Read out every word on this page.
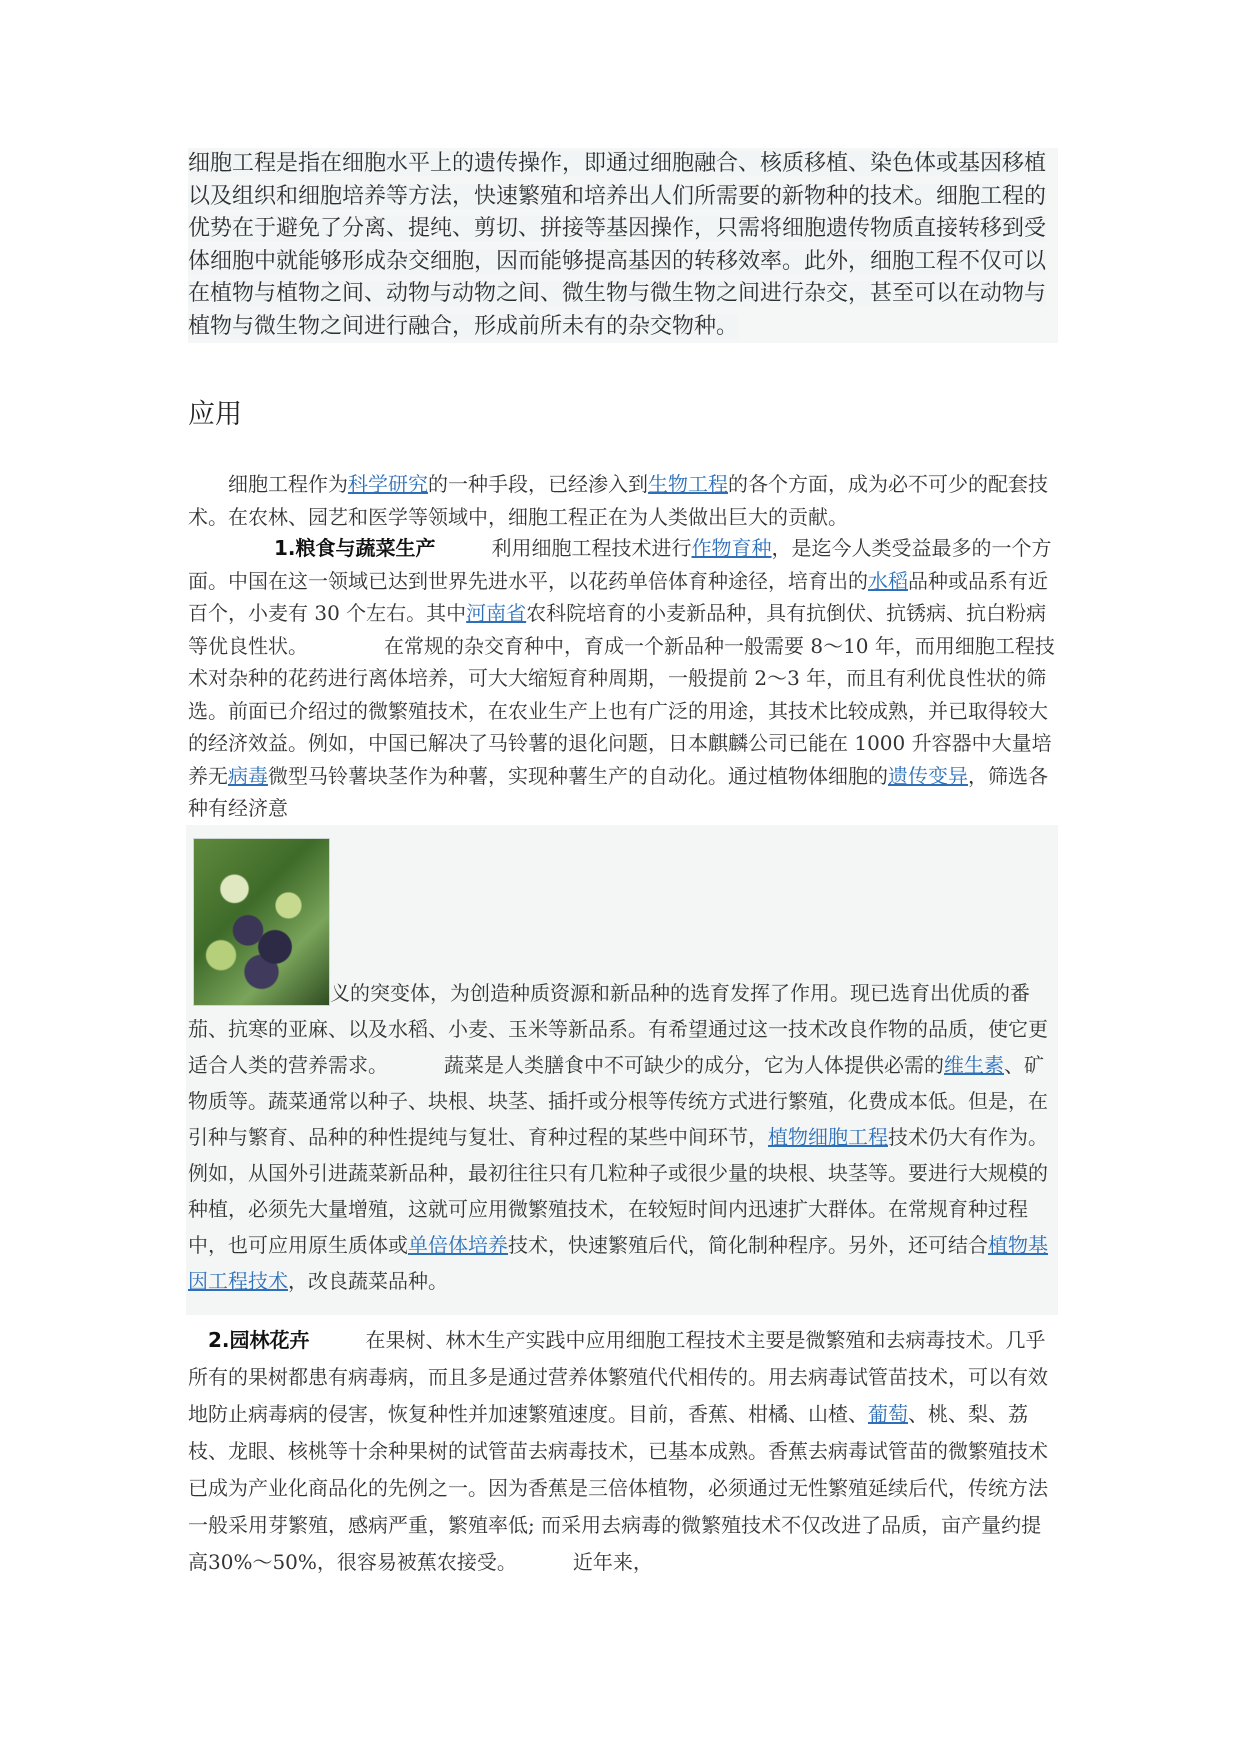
细胞工程是指在细胞水平上的遗传操作，即通过细胞融合、核质移植、染色体或基因移植以及组织和细胞培养等方法，快速繁殖和培养出人们所需要的新物种的技术。细胞工程的优势在于避免了分离、提纯、剪切、拼接等基因操作，只需将细胞遗传物质直接转移到受体细胞中就能够形成杂交细胞，因而能够提高基因的转移效率。此外，细胞工程不仅可以在植物与植物之间、动物与动物之间、微生物与微生物之间进行杂交，甚至可以在动物与植物与微生物之间进行融合，形成前所未有的杂交物种。
应用
细胞工程作为科学研究的一种手段，已经渗入到生物工程的各个方面，成为必不可少的配套技术。在农林、园艺和医学等领域中，细胞工程正在为人类做出巨大的贡献。
1.粮食与蔬菜生产	利用细胞工程技术进行作物育种，是迄今人类受益最多的一个方面。中国在这一领域已达到世界先进水平，以花药单倍体育种途径，培育出的水稻品种或品系有近百个，小麦有 30 个左右。其中河南省农科院培育的小麦新品种，具有抗倒伏、抗锈病、抗白粉病等优良性状。	在常规的杂交育种中，育成一个新品种一般需要 8～10 年，而用细胞工程技术对杂种的花药进行离体培养，可大大缩短育种周期，一般提前 2～3 年，而且有利优良性状的筛选。前面已介绍过的微繁殖技术，在农业生产上也有广泛的用途，其技术比较成熟，并已取得较大的经济效益。例如，中国已解决了马铃薯的退化问题，日本麒麟公司已能在 1000 升容器中大量培养无病毒微型马铃薯块茎作为种薯，实现种薯生产的自动化。通过植物体细胞的遗传变异，筛选各种有经济意
义的突变体，为创造种质资源和新品种的选育发挥了作用。现已选育出优质的番茄、抗寒的亚麻、以及水稻、小麦、玉米等新品系。有希望通过这一技术改良作物的品质，使它更适合人类的营养需求。	蔬菜是人类膳食中不可缺少的成分，它为人体提供必需的维生素、矿物质等。蔬菜通常以种子、块根、块茎、插扦或分根等传统方式进行繁殖，化费成本低。但是，在引种与繁育、品种的种性提纯与复壮、育种过程的某些中间环节，植物细胞工程技术仍大有作为。例如，从国外引进蔬菜新品种，最初往往只有几粒种子或很少量的块根、块茎等。要进行大规模的种植，必须先大量增殖，这就可应用微繁殖技术，在较短时间内迅速扩大群体。在常规育种过程中，也可应用原生质体或单倍体培养技术，快速繁殖后代，简化制种程序。另外，还可结合植物基因工程技术，改良蔬菜品种。
2.园林花卉	在果树、林木生产实践中应用细胞工程技术主要是微繁殖和去病毒技术。几乎所有的果树都患有病毒病，而且多是通过营养体繁殖代代相传的。用去病毒试管苗技术，可以有效地防止病毒病的侵害，恢复种性并加速繁殖速度。目前，香蕉、柑橘、山楂、葡萄、桃、梨、荔枝、龙眼、核桃等十余种果树的试管苗去病毒技术，已基本成熟。香蕉去病毒试管苗的微繁殖技术已成为产业化商品化的先例之一。因为香蕉是三倍体植物，必须通过无性繁殖延续后代，传统方法一般采用芽繁殖，感病严重，繁殖率低; 而采用去病毒的微繁殖技术不仅改进了品质，亩产量约提高30%～50%，很容易被蕉农接受。	近年来，
